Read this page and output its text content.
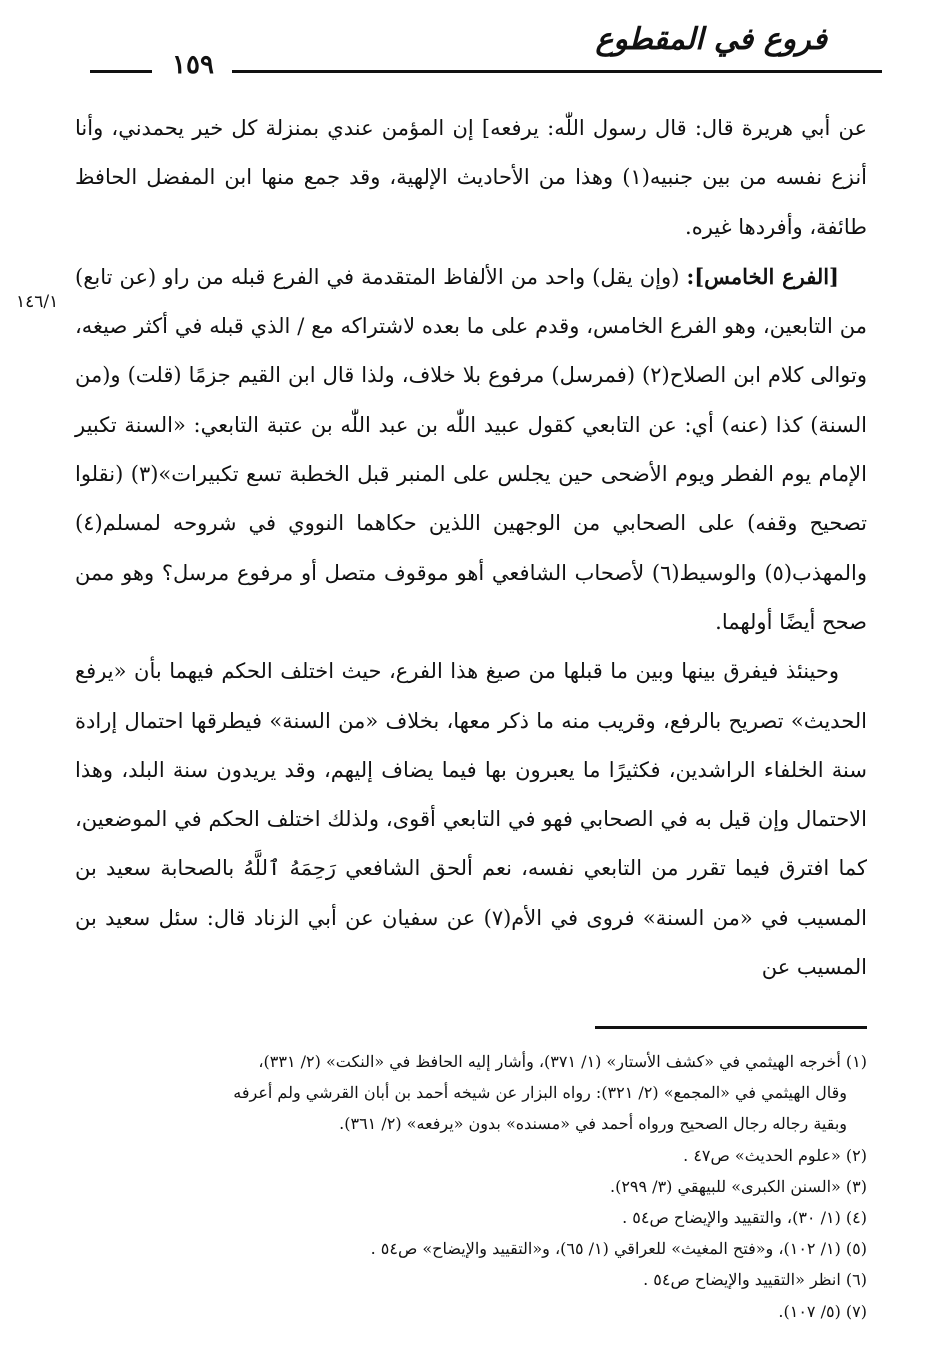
فروع في المقطوع
١٥٩
١٤٦/١

عن أبي هريرة قال: قال رسول اللّٰه: يرفعه] إن المؤمن عندي بمنزلة كل خير يحمدني، وأنا أنزع نفسه من بين جنبيه(١) وهذا من الأحاديث الإلهية، وقد جمع منها ابن المفضل الحافظ طائفة، وأفردها غيره.

[الفرع الخامس]: (وإن يقل) واحد من الألفاظ المتقدمة في الفرع قبله من راو (عن تابع) من التابعين، وهو الفرع الخامس، وقدم على ما بعده لاشتراكه مع / الذي قبله في أكثر صيغه، وتوالى كلام ابن الصلاح(٢) (فمرسل) مرفوع بلا خلاف، ولذا قال ابن القيم جزمًا (قلت) و(من السنة) كذا (عنه) أي: عن التابعي كقول عبيد اللّٰه بن عبد اللّٰه بن عتبة التابعي: «السنة تكبير الإمام يوم الفطر ويوم الأضحى حين يجلس على المنبر قبل الخطبة تسع تكبيرات»(٣) (نقلوا تصحيح وقفه) على الصحابي من الوجهين اللذين حكاهما النووي في شروحه لمسلم(٤) والمهذب(٥) والوسيط(٦) لأصحاب الشافعي أهو موقوف متصل أو مرفوع مرسل؟ وهو ممن صحح أيضًا أولهما.

وحينئذ فيفرق بينها وبين ما قبلها من صيغ هذا الفرع، حيث اختلف الحكم فيهما بأن «يرفع الحديث» تصريح بالرفع، وقريب منه ما ذكر معها، بخلاف «من السنة» فيطرقها احتمال إرادة سنة الخلفاء الراشدين، فكثيرًا ما يعبرون بها فيما يضاف إليهم، وقد يريدون سنة البلد، وهذا الاحتمال وإن قيل به في الصحابي فهو في التابعي أقوى، ولذلك اختلف الحكم في الموضعين، كما افترق فيما تقرر من التابعي نفسه، نعم ألحق الشافعي رَحِمَهُ ٱللَّهُ بالصحابة سعيد بن المسيب في «من السنة» فروى في الأم(٧) عن سفيان عن أبي الزناد قال: سئل سعيد بن المسيب عن

(١) أخرجه الهيثمي في «كشف الأستار» (١/ ٣٧١)، وأشار إليه الحافظ في «النكت» (٢/ ٣٣١)،
وقال الهيثمي في «المجمع» (٢/ ٣٢١): رواه البزار عن شيخه أحمد بن أبان القرشي ولم أعرفه
وبقية رجاله رجال الصحيح ورواه أحمد في «مسنده» بدون «يرفعه» (٢/ ٣٦١).
(٢) «علوم الحديث» ص٤٧ .
(٣) «السنن الكبرى» للبيهقي (٣/ ٢٩٩).
(٤) (١/ ٣٠)، والتقييد والإيضاح ص٥٤ .
(٥) (١/ ١٠٢)، و«فتح المغيث» للعراقي (١/ ٦٥)، و«التقييد والإيضاح» ص٥٤ .
(٦) انظر «التقييد والإيضاح ص٥٤ .
(٧) (٥/ ١٠٧).
